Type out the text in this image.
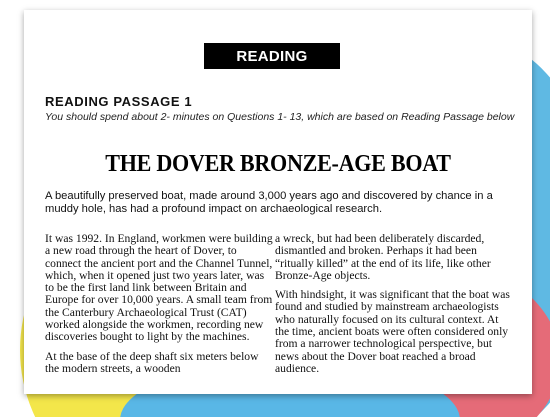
READING
READING PASSAGE 1
You should spend about 2- minutes on Questions 1- 13, which are based on Reading Passage below
THE DOVER BRONZE-AGE BOAT
A beautifully preserved boat, made around 3,000 years ago and discovered by chance in a muddy hole, has had a profound impact on archaeological research.

It was 1992. In England, workmen were building a new road through the heart of Dover, to connect the ancient port and the Channel Tunnel, which, when it opened just two years later, was to be the first land link between Britain and Europe for over 10,000 years. A small team from the Canterbury Archaeological Trust (CAT) worked alongside the workmen, recording new discoveries bought to light by the machines.

At the base of the deep shaft six meters below the modern streets, a wooden

a wreck, but had been deliberately discarded, dismantled and broken. Perhaps it had been “ritually killed” at the end of its life, like other Bronze-Age objects.

With hindsight, it was significant that the boat was found and studied by mainstream archaeologists who naturally focused on its cultural context. At the time, ancient boats were often considered only from a narrower technological perspective, but news about the Dover boat reached a broad audience.
